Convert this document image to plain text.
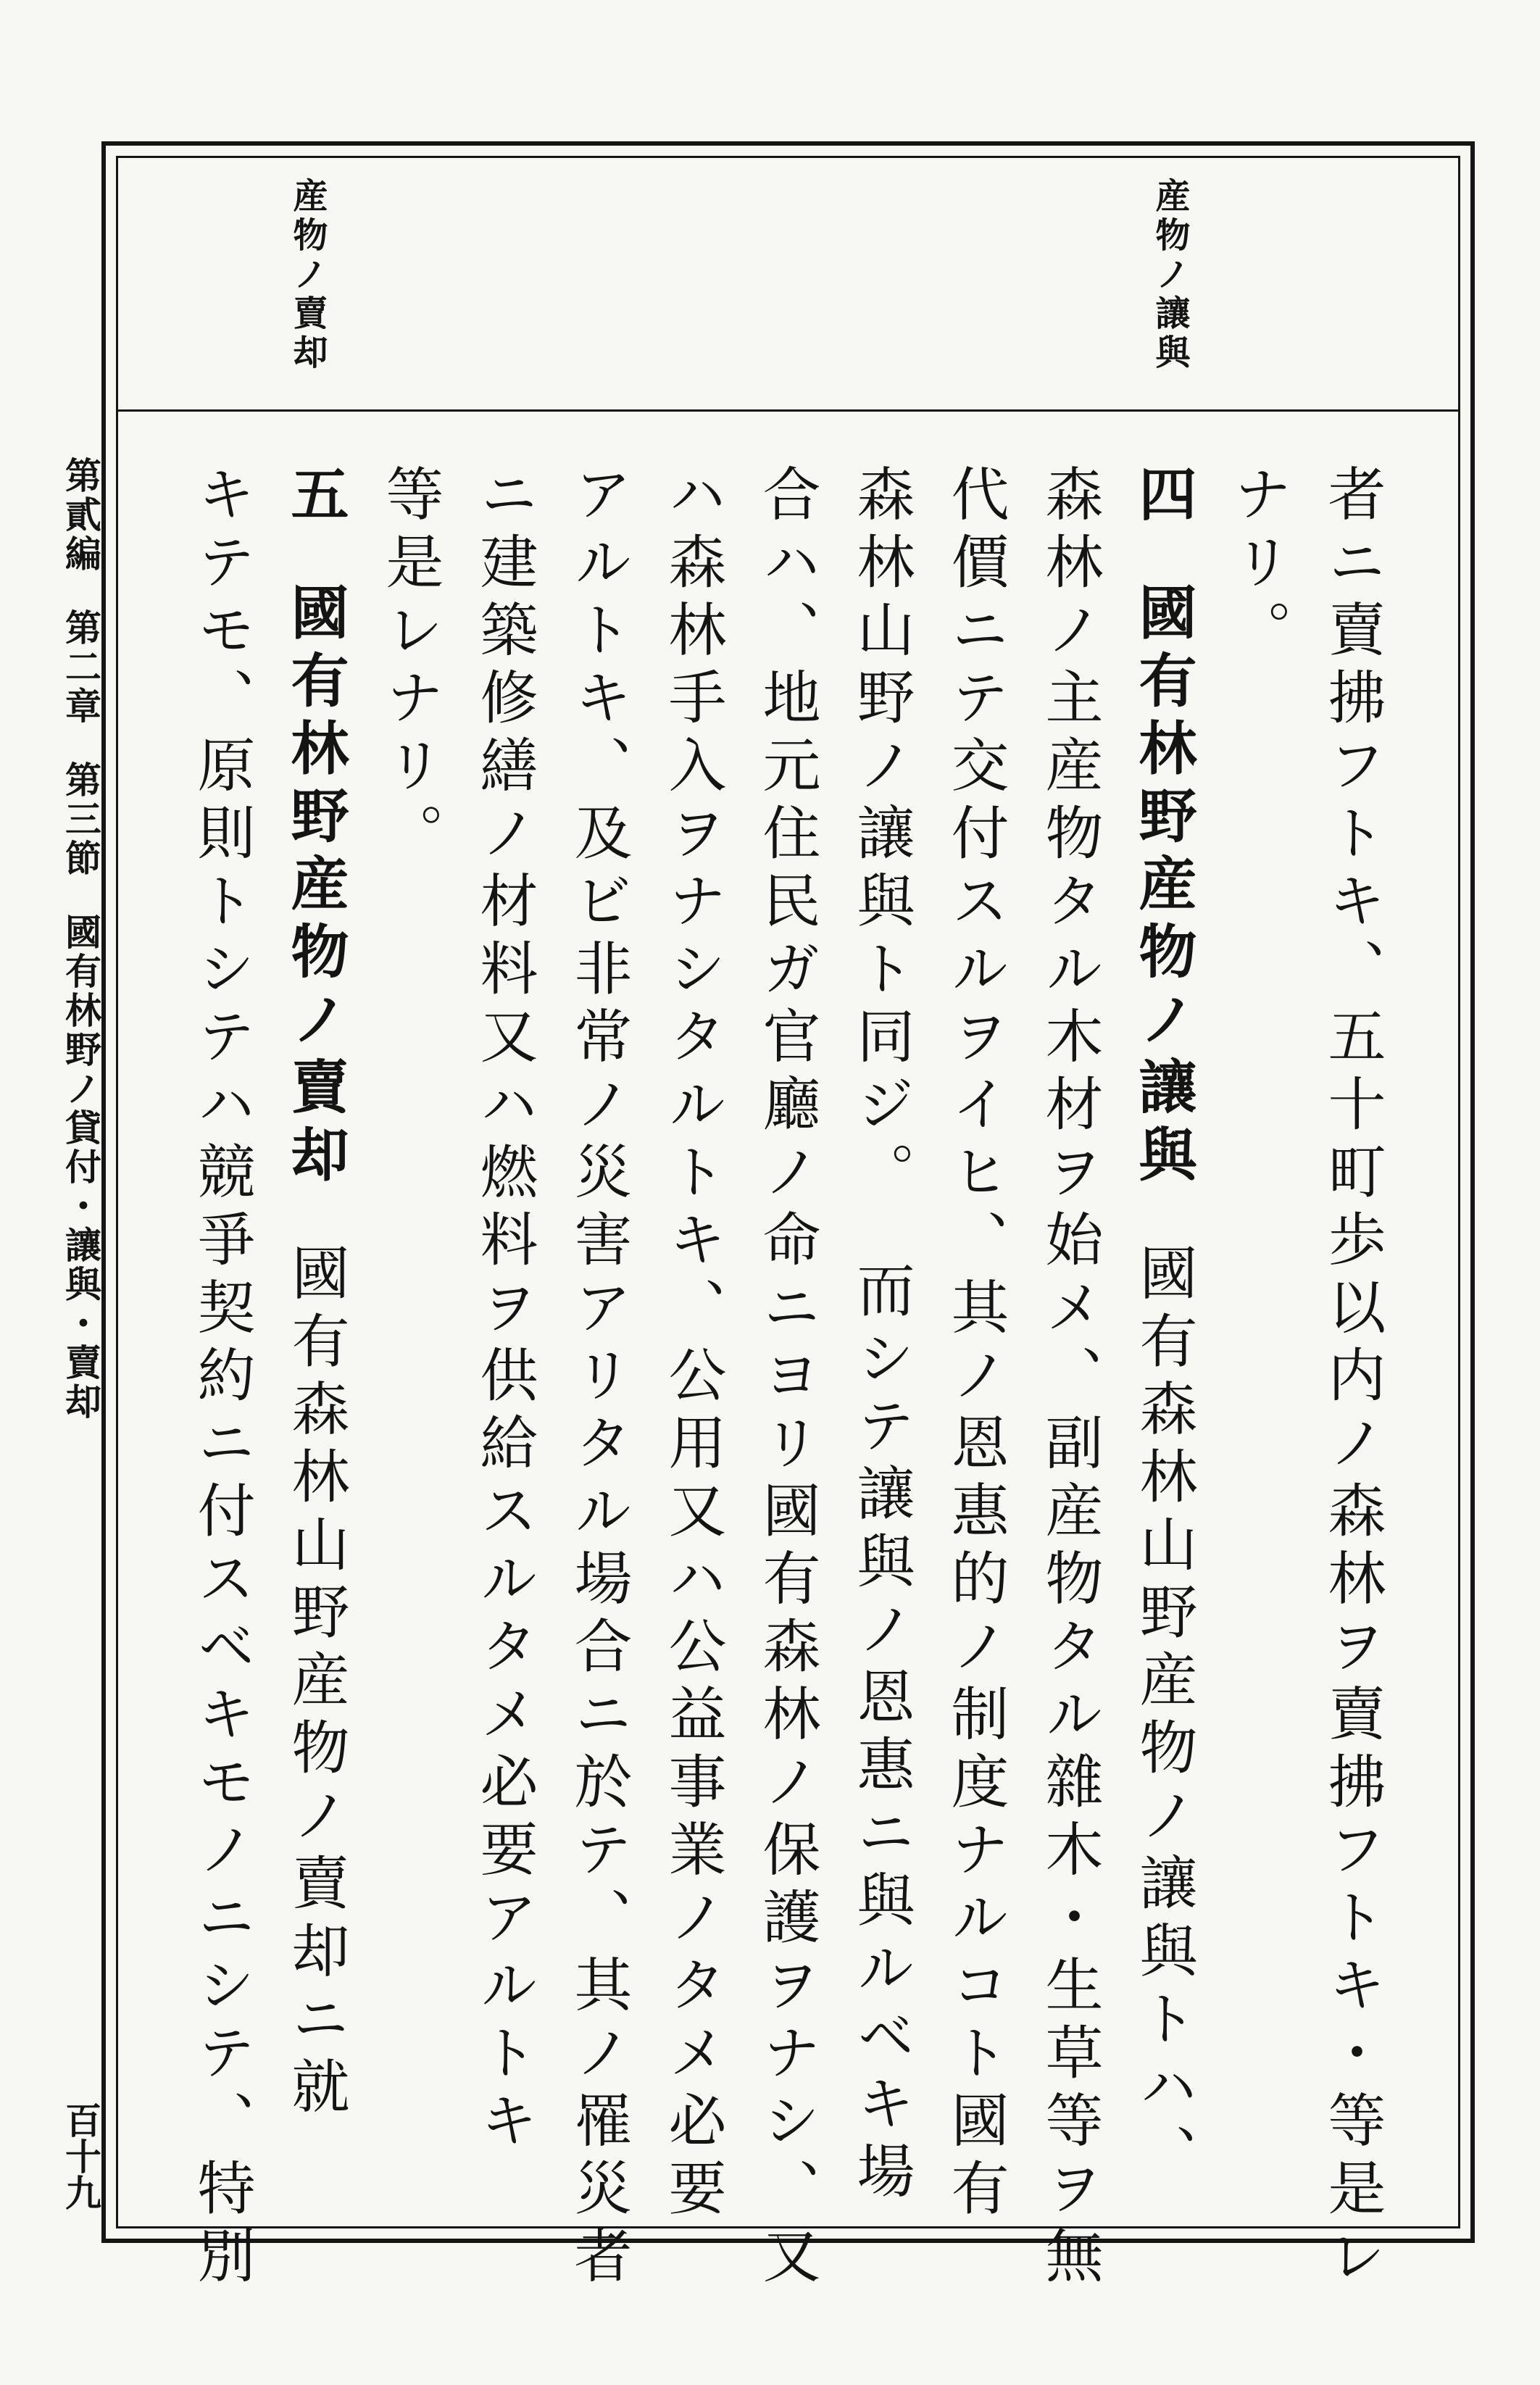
産物ノ讓與
産物ノ賣却
第貳編第二章第三節國有林野ノ貸付・讓與・賣却
百十九	者ニ賣拂フトキ、五十町歩以内ノ森林ヲ賣拂フトキ・等是レ
ナリ。
四國有林野産物ノ讓與國有森林山野産物ノ讓與トハ、
森林ノ主産物タル木材ヲ始メ、副産物タル雜木・生草等ヲ無
代價ニテ交付スルヲイヒ、其ノ恩惠的ノ制度ナルコト國有
森林山野ノ讓與ト同ジ。而シテ讓與ノ恩惠ニ與ルベキ場
合ハ、地元住民ガ官廳ノ命ニヨリ國有森林ノ保護ヲナシ、又
ハ森林手入ヲナシタルトキ、公用又ハ公益事業ノタメ必要
アルトキ、及ビ非常ノ災害アリタル場合ニ於テ、其ノ罹災者
ニ建築修繕ノ材料又ハ燃料ヲ供給スルタメ必要アルトキ
等是レナリ。
五國有林野産物ノ賣却國有森林山野産物ノ賣却ニ就
キテモ、原則トシテハ競爭契約ニ付スベキモノニシテ、特別
